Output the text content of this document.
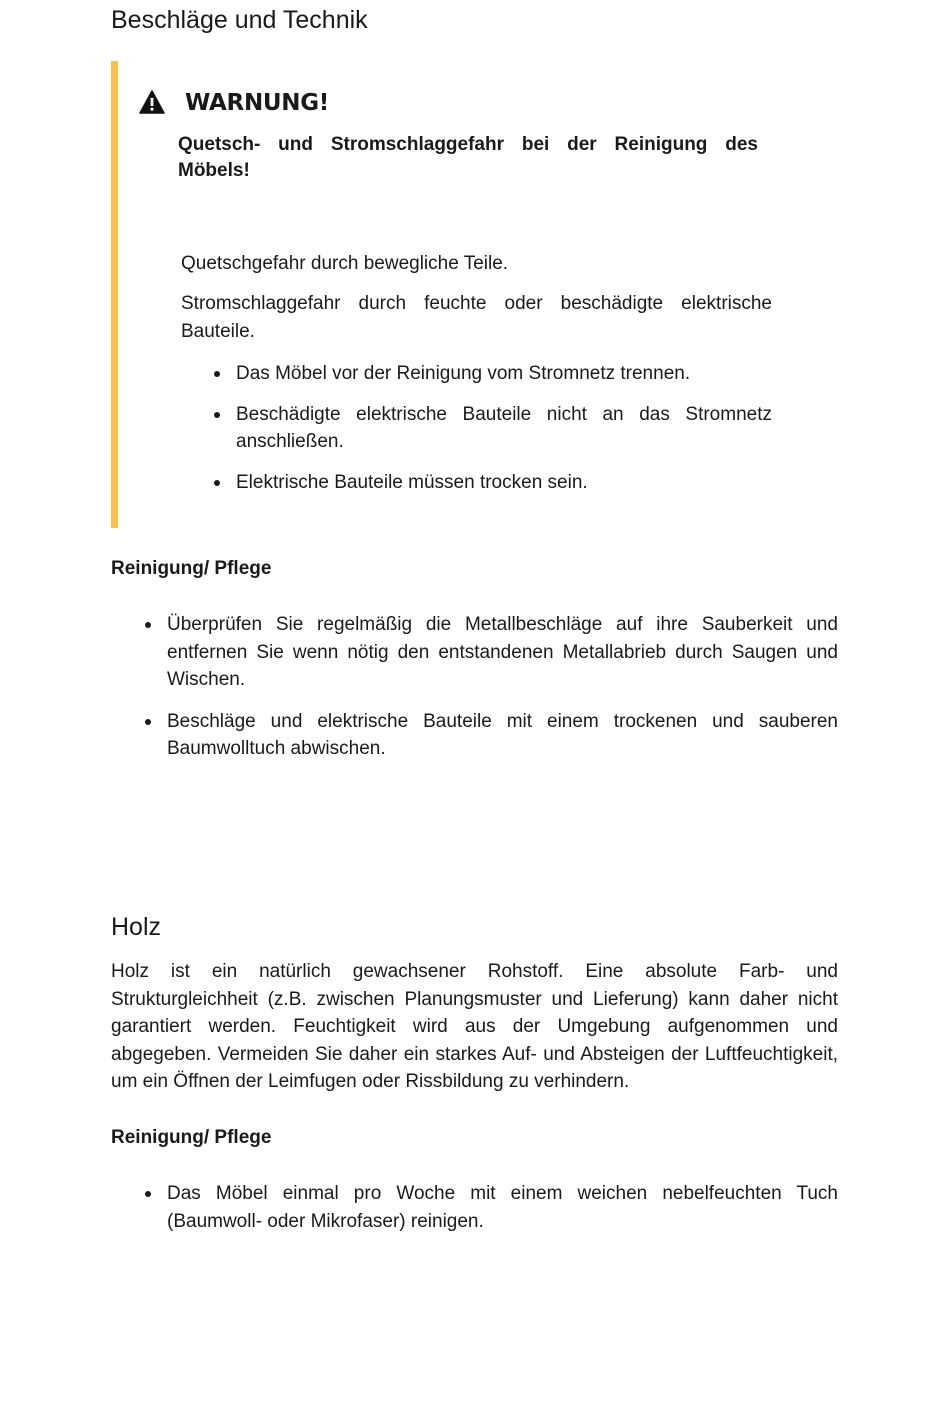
Beschläge und Technik
WARNUNG!

Quetsch- und Stromschlaggefahr bei der Reinigung des Möbels!

Quetschgefahr durch bewegliche Teile.

Stromschlaggefahr durch feuchte oder beschädigte elektrische Bauteile.

Das Möbel vor der Reinigung vom Stromnetz trennen.
Beschädigte elektrische Bauteile nicht an das Stromnetz anschließen.
Elektrische Bauteile müssen trocken sein.
Reinigung/ Pflege
Überprüfen Sie regelmäßig die Metallbeschläge auf ihre Sauberkeit und entfernen Sie wenn nötig den entstandenen Metallabrieb durch Saugen und Wischen.
Beschläge und elektrische Bauteile mit einem trockenen und sauberen Baumwolltuch abwischen.
Holz

Holz ist ein natürlich gewachsener Rohstoff. Eine absolute Farb- und Strukturgleichheit (z.B. zwischen Planungsmuster und Lieferung) kann daher nicht garantiert werden. Feuchtigkeit wird aus der Umgebung aufgenommen und abgegeben. Vermeiden Sie daher ein starkes Auf- und Absteigen der Luftfeuchtigkeit, um ein Öffnen der Leimfugen oder Rissbildung zu verhindern.

Reinigung/ Pflege
Das Möbel einmal pro Woche mit einem weichen nebelfeuchten Tuch (Baumwoll- oder Mikrofaser) reinigen.
